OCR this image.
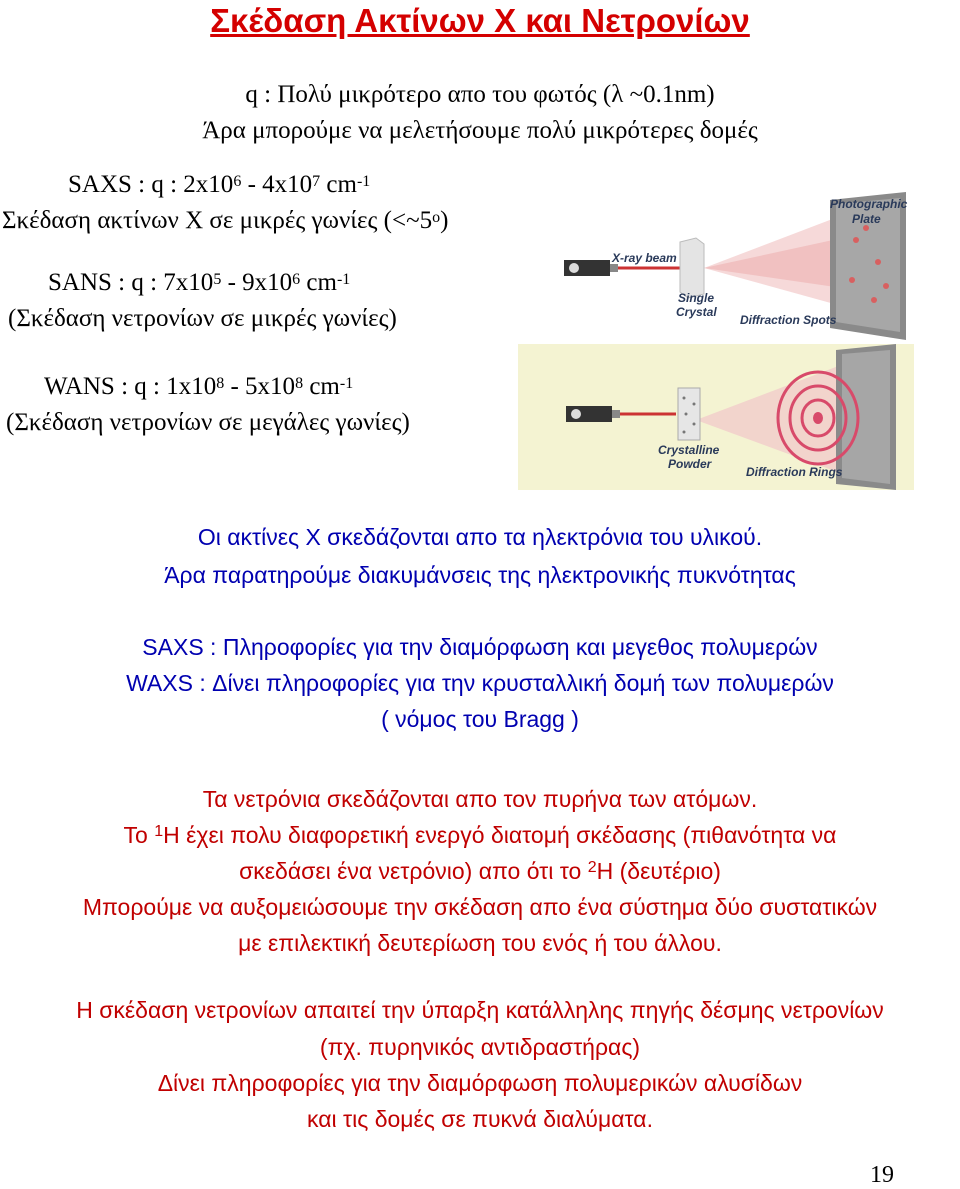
Σκέδαση Ακτίνων Χ και Νετρονίων
q : Πολύ μικρότερο απο του φωτός (λ ~0.1nm)
Άρα μπορούμε να μελετήσουμε πολύ μικρότερες δομές
SAXS : q : $2x10^6 - 4x10^7$ $cm^{-1}$
Σκέδαση ακτίνων Χ σε μικρές γωνίες $(<\sim 5^o)$
SANS : q : $7x10^5 - 9x10^6$ $cm^{-1}$
(Σκέδαση νετρονίων σε μικρές γωνίες)
WANS : q : $1x10^8 - 5x10^8$ $cm^{-1}$
(Σκέδαση νετρονίων σε μεγάλες γωνίες)
Photographic
Plate
X-ray beam
Single
Crystal
Diffraction Spots
Crystalline
Powder
Diffraction Rings
Οι ακτίνες Χ σκεδάζονται απο τα ηλεκτρόνια του υλικού.
Άρα παρατηρούμε διακυμάνσεις της ηλεκτρονικής πυκνότητας
SAXS : Πληροφορίες για την διαμόρφωση και μεγεθος πολυμερών
WAXS : Δίνει πληροφορίες για την κρυσταλλική δομή των πολυμερών
( νόμος του Bragg )
Τα νετρόνια σκεδάζονται απο τον πυρήνα των ατόμων.
Το $^1$Η έχει πολυ διαφορετική ενεργό διατομή σκέδασης (πιθανότητα να
σκεδάσει ένα νετρόνιο) απο ότι το $^2$Η (δευτέριο)
Μπορούμε να αυξομειώσουμε την σκέδαση απο ένα σύστημα δύο συστατικών
με επιλεκτική δευτερίωση του ενός ή του άλλου.
Η σκέδαση νετρονίων απαιτεί την ύπαρξη κατάλληλης πηγής δέσμης νετρονίων
(πχ. πυρηνικός αντιδραστήρας)
Δίνει πληροφορίες για την διαμόρφωση πολυμερικών αλυσίδων
και τις δομές σε πυκνά διαλύματα.
19
